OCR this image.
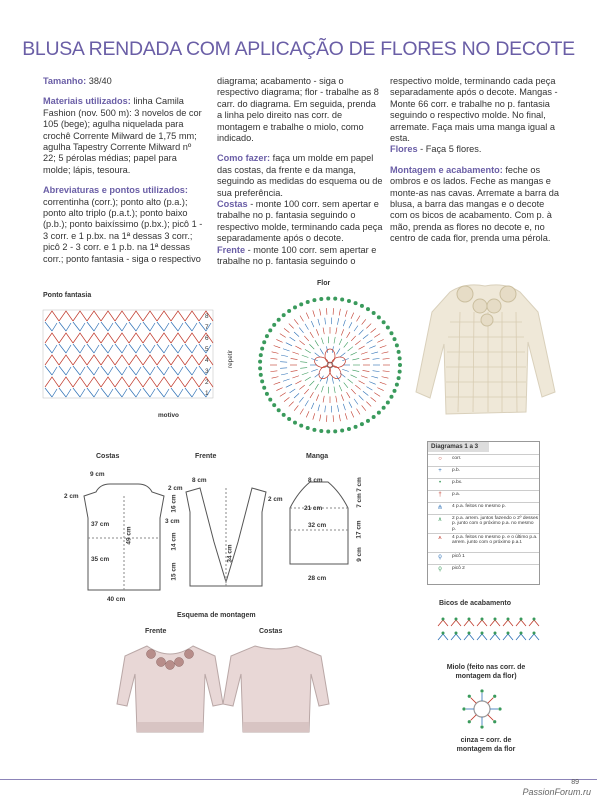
BLUSA RENDADA COM APLICAÇÃO DE FLORES NO DECOTE

Tamanho: 38/40

Materiais utilizados: linha Camila Fashion (nov. 500 m): 3 novelos de cor 105 (bege); agulha niquelada para crochê Corrente Milward de 1,75 mm; agulha Tapestry Corrente Milward nº 22; 5 pérolas médias; papel para molde; lápis, tesoura.

Abreviaturas e pontos utilizados: correntinha (corr.); ponto alto (p.a.); ponto alto triplo (p.a.t.); ponto baixo (p.b.); ponto baixíssimo (p.bx.); picô 1 - 3 corr. e 1 p.bx. na 1ª dessas 3 corr.; picô 2 - 3 corr. e 1 p.b. na 1ª dessas corr.; ponto fantasia - siga o respectivo

diagrama; acabamento - siga o respectivo diagrama; flor - trabalhe as 8 carr. do diagrama. Em seguida, prenda a linha pelo direito nas corr. de montagem e trabalhe o miolo, como indicado.

Como fazer: faça um molde em papel das costas, da frente e da manga, seguindo as medidas do esquema ou de sua preferência.
Costas - monte 100 corr. sem apertar e trabalhe no p. fantasia seguindo o respectivo molde, terminando cada peça separadamente após o decote.
Frente - monte 100 corr. sem apertar e trabalhe no p. fantasia seguindo o

respectivo molde, terminando cada peça separadamente após o decote. Mangas - Monte 66 corr. e trabalhe no p. fantasia seguindo o respectivo molde. No final, arremate. Faça mais uma manga igual a esta.
Flores - Faça 5 flores.

Montagem e acabamento: feche os ombros e os lados. Feche as mangas e monte-as nas cavas. Arremate a barra da blusa, a barra das mangas e o decote com os bicos de acabamento. Com p. à mão, prenda as flores no decote e, no centro de cada flor, prenda uma pérola.

Ponto fantasia
8
7
6
5
4
3
2
1
repetir
motivo
Flor
Costas
9 cm
2 cm
37 cm
49 cm
35 cm
40 cm
Frente
8 cm
2 cm
16 cm
3 cm
14 cm
15 cm
34 cm
Manga
8 cm	7 cm
7 cm
17 cm
9 cm
21 cm
32 cm
28 cm
2 cm
Diagramas 1 a 3
○	corr.
+	p.b.
•	p.bx.
†	p.a.
⋔	4 p.a. feitos no mesmo p.
∧	2 p.a. arrem. juntos fazendo o 2º desses p. junto com o próximo p.a. no mesmo p.
⩚	4 p.a. feitos no mesmo p. e o último p.a. arrem. junto com o próximo p.a.t.
ϙ	picô 1
ϙ	picô 2
Esquema de montagem
Frente	Costas
Bicos de acabamento
Miolo (feito nas corr. de
montagem da flor)
cinza = corr. de
montagem da flor
89
PassionForum.ru
